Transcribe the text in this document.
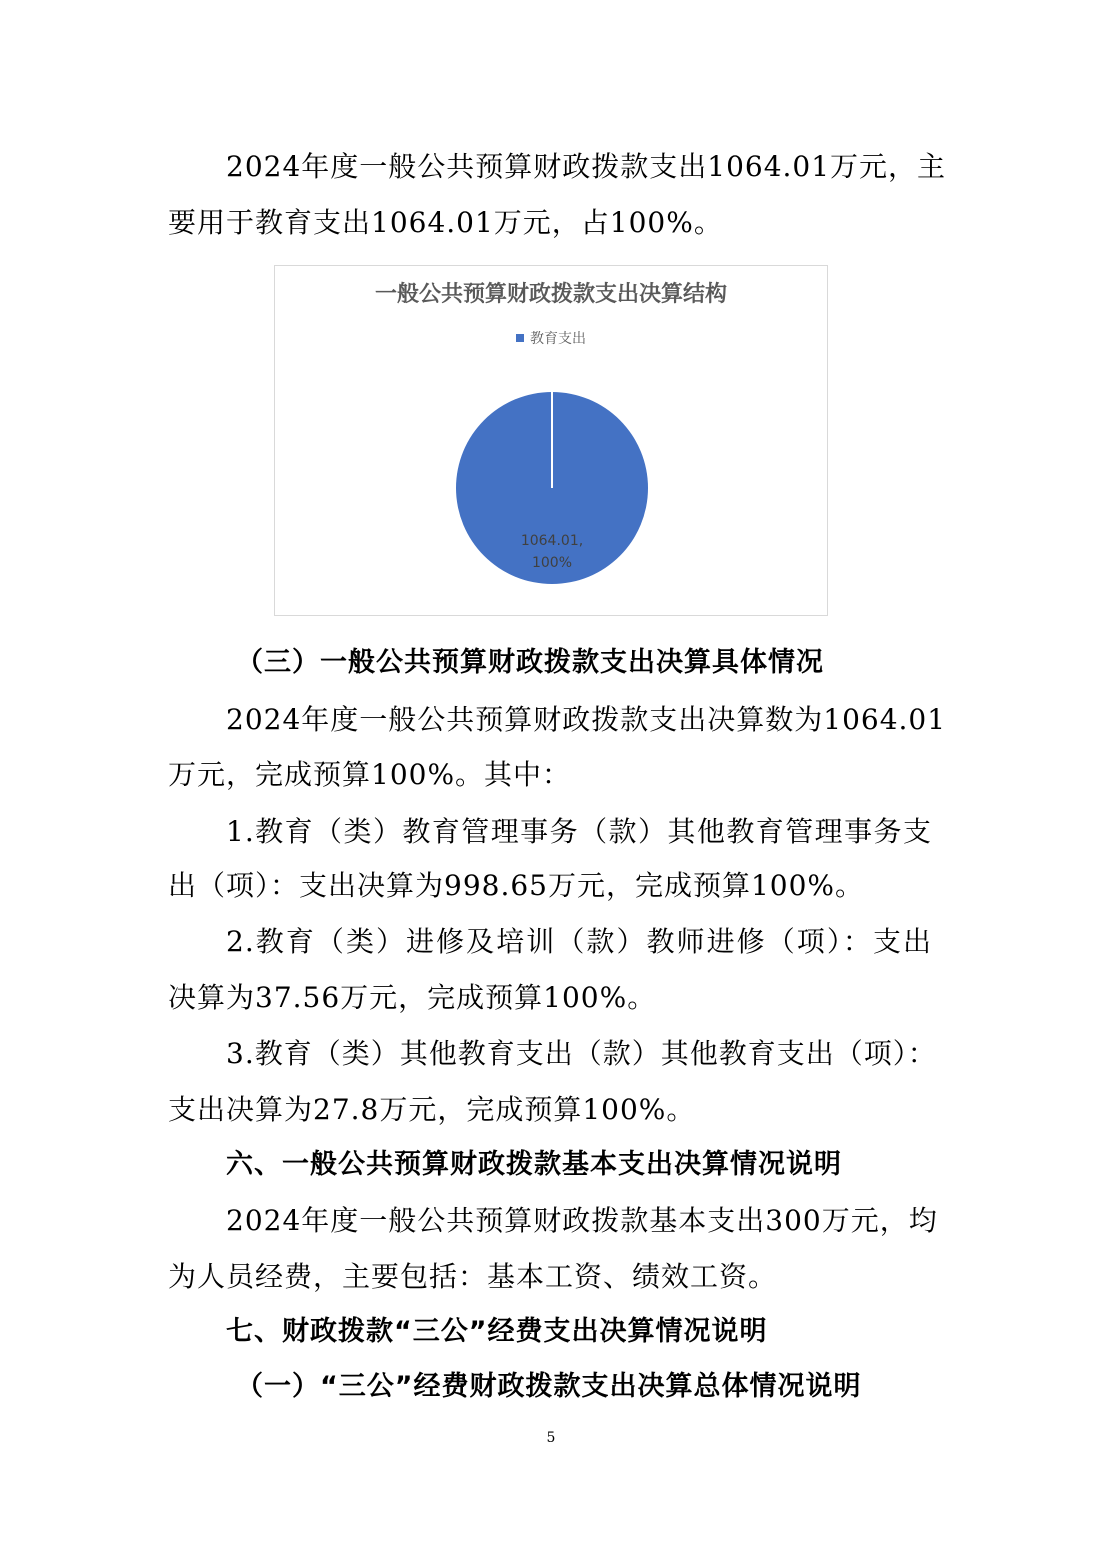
2024年度一般公共预算财政拨款支出1064.01万元，主
要用于教育支出1064.01万元，占100%。
一般公共预算财政拨款支出决算结构
教育支出
1064.01,
100%
（三）一般公共预算财政拨款支出决算具体情况
2024年度一般公共预算财政拨款支出决算数为1064.01
万元，完成预算100%。其中：
1.教育（类）教育管理事务（款）其他教育管理事务支
出（项）：支出决算为998.65万元，完成预算100%。
2.教育（类）进修及培训（款）教师进修（项）：支出
决算为37.56万元，完成预算100%。
3.教育（类）其他教育支出（款）其他教育支出（项）：
支出决算为27.8万元，完成预算100%。
六、一般公共预算财政拨款基本支出决算情况说明
2024年度一般公共预算财政拨款基本支出300万元，均
为人员经费，主要包括：基本工资、绩效工资。
七、财政拨款“三公”经费支出决算情况说明
（一）“三公”经费财政拨款支出决算总体情况说明
5
